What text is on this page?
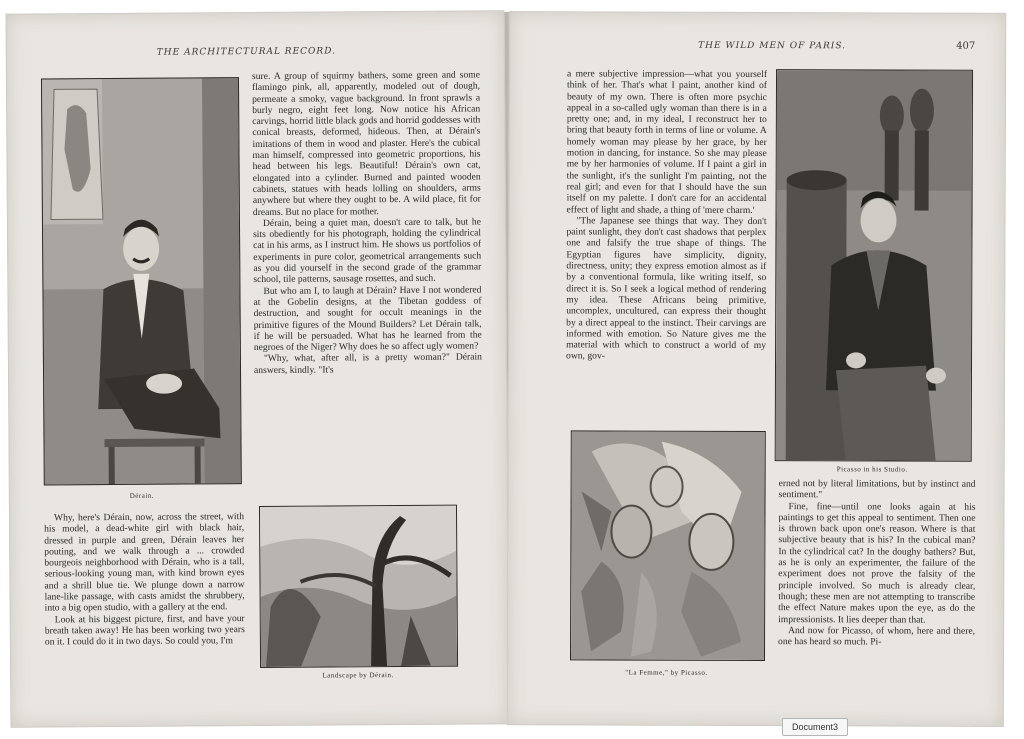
THE ARCHITECTURAL RECORD.
Dérain.

sure. A group of squirmy bathers, some green and some flamingo pink, all, apparently, modeled out of dough, permeate a smoky, vague background. In front sprawls a burly negro, eight feet long. Now notice his African carvings, horrid little black gods and horrid goddesses with conical breasts, deformed, hideous. Then, at Dérain's imitations of them in wood and plaster. Here's the cubical man himself, compressed into geometric proportions, his head between his legs. Beautiful! Dérain's own cat, elongated into a cylinder. Burned and painted wooden cabinets, statues with heads lolling on shoulders, arms anywhere but where they ought to be. A wild place, fit for dreams. But no place for mother.

Dérain, being a quiet man, doesn't care to talk, but he sits obediently for his photograph, holding the cylindrical cat in his arms, as I instruct him. He shows us portfolios of experiments in pure color, geometrical arrangements such as you did yourself in the second grade of the grammar school, tile patterns, sausage rosettes, and such.

But who am I, to laugh at Dérain? Have I not wondered at the Gobelin designs, at the Tibetan goddess of destruction, and sought for occult meanings in the primitive figures of the Mound Builders? Let Dérain talk, if he will be persuaded. What has he learned from the negroes of the Niger? Why does he so affect ugly women?

"Why, what, after all, is a pretty woman?" Dérain answers, kindly. "It's

Why, here's Dérain, now, across the street, with his model, a dead-white girl with black hair, dressed in purple and green, Dérain leaves her pouting, and we walk through a ... crowded bourgeois neighborhood with Dérain, who is a tall, serious-looking young man, with kind brown eyes and a shrill blue tie. We plunge down a narrow lane-like passage, with casts amidst the shrubbery, into a big open studio, with a gallery at the end.

Look at his biggest picture, first, and have your breath taken away! He has been working two years on it. I could do it in two days. So could you, I'm

Landscape by Dérain.
THE WILD MEN OF PARIS.	407

a mere subjective impression—what you yourself think of her. That's what I paint, another kind of beauty of my own. There is often more psychic appeal in a so-called ugly woman than there is in a pretty one; and, in my ideal, I reconstruct her to bring that beauty forth in terms of line or volume. A homely woman may please by her grace, by her motion in dancing, for instance. So she may please me by her harmonies of volume. If I paint a girl in the sunlight, it's the sunlight I'm painting, not the real girl; and even for that I should have the sun itself on my palette. I don't care for an accidental effect of light and shade, a thing of 'mere charm.'

"The Japanese see things that way. They don't paint sunlight, they don't cast shadows that perplex one and falsify the true shape of things. The Egyptian figures have simplicity, dignity, directness, unity; they express emotion almost as if by a conventional formula, like writing itself, so direct it is. So I seek a logical method of rendering my idea. These Africans being primitive, uncomplex, uncultured, can express their thought by a direct appeal to the instinct. Their carvings are informed with emotion. So Nature gives me the material with which to construct a world of my own, gov-

Picasso in his Studio.
"La Femme," by Picasso.

erned not by literal limitations, but by instinct and sentiment."

Fine, fine—until one looks again at his paintings to get this appeal to sentiment. Then one is thrown back upon one's reason. Where is that subjective beauty that is his? In the cubical man? In the cylindrical cat? In the doughy bathers? But, as he is only an experimenter, the failure of the experiment does not prove the falsity of the principle involved. So much is already clear, though; these men are not attempting to transcribe the effect Nature makes upon the eye, as do the impressionists. It lies deeper than that.

And now for Picasso, of whom, here and there, one has heard so much. Pi-

Document3
